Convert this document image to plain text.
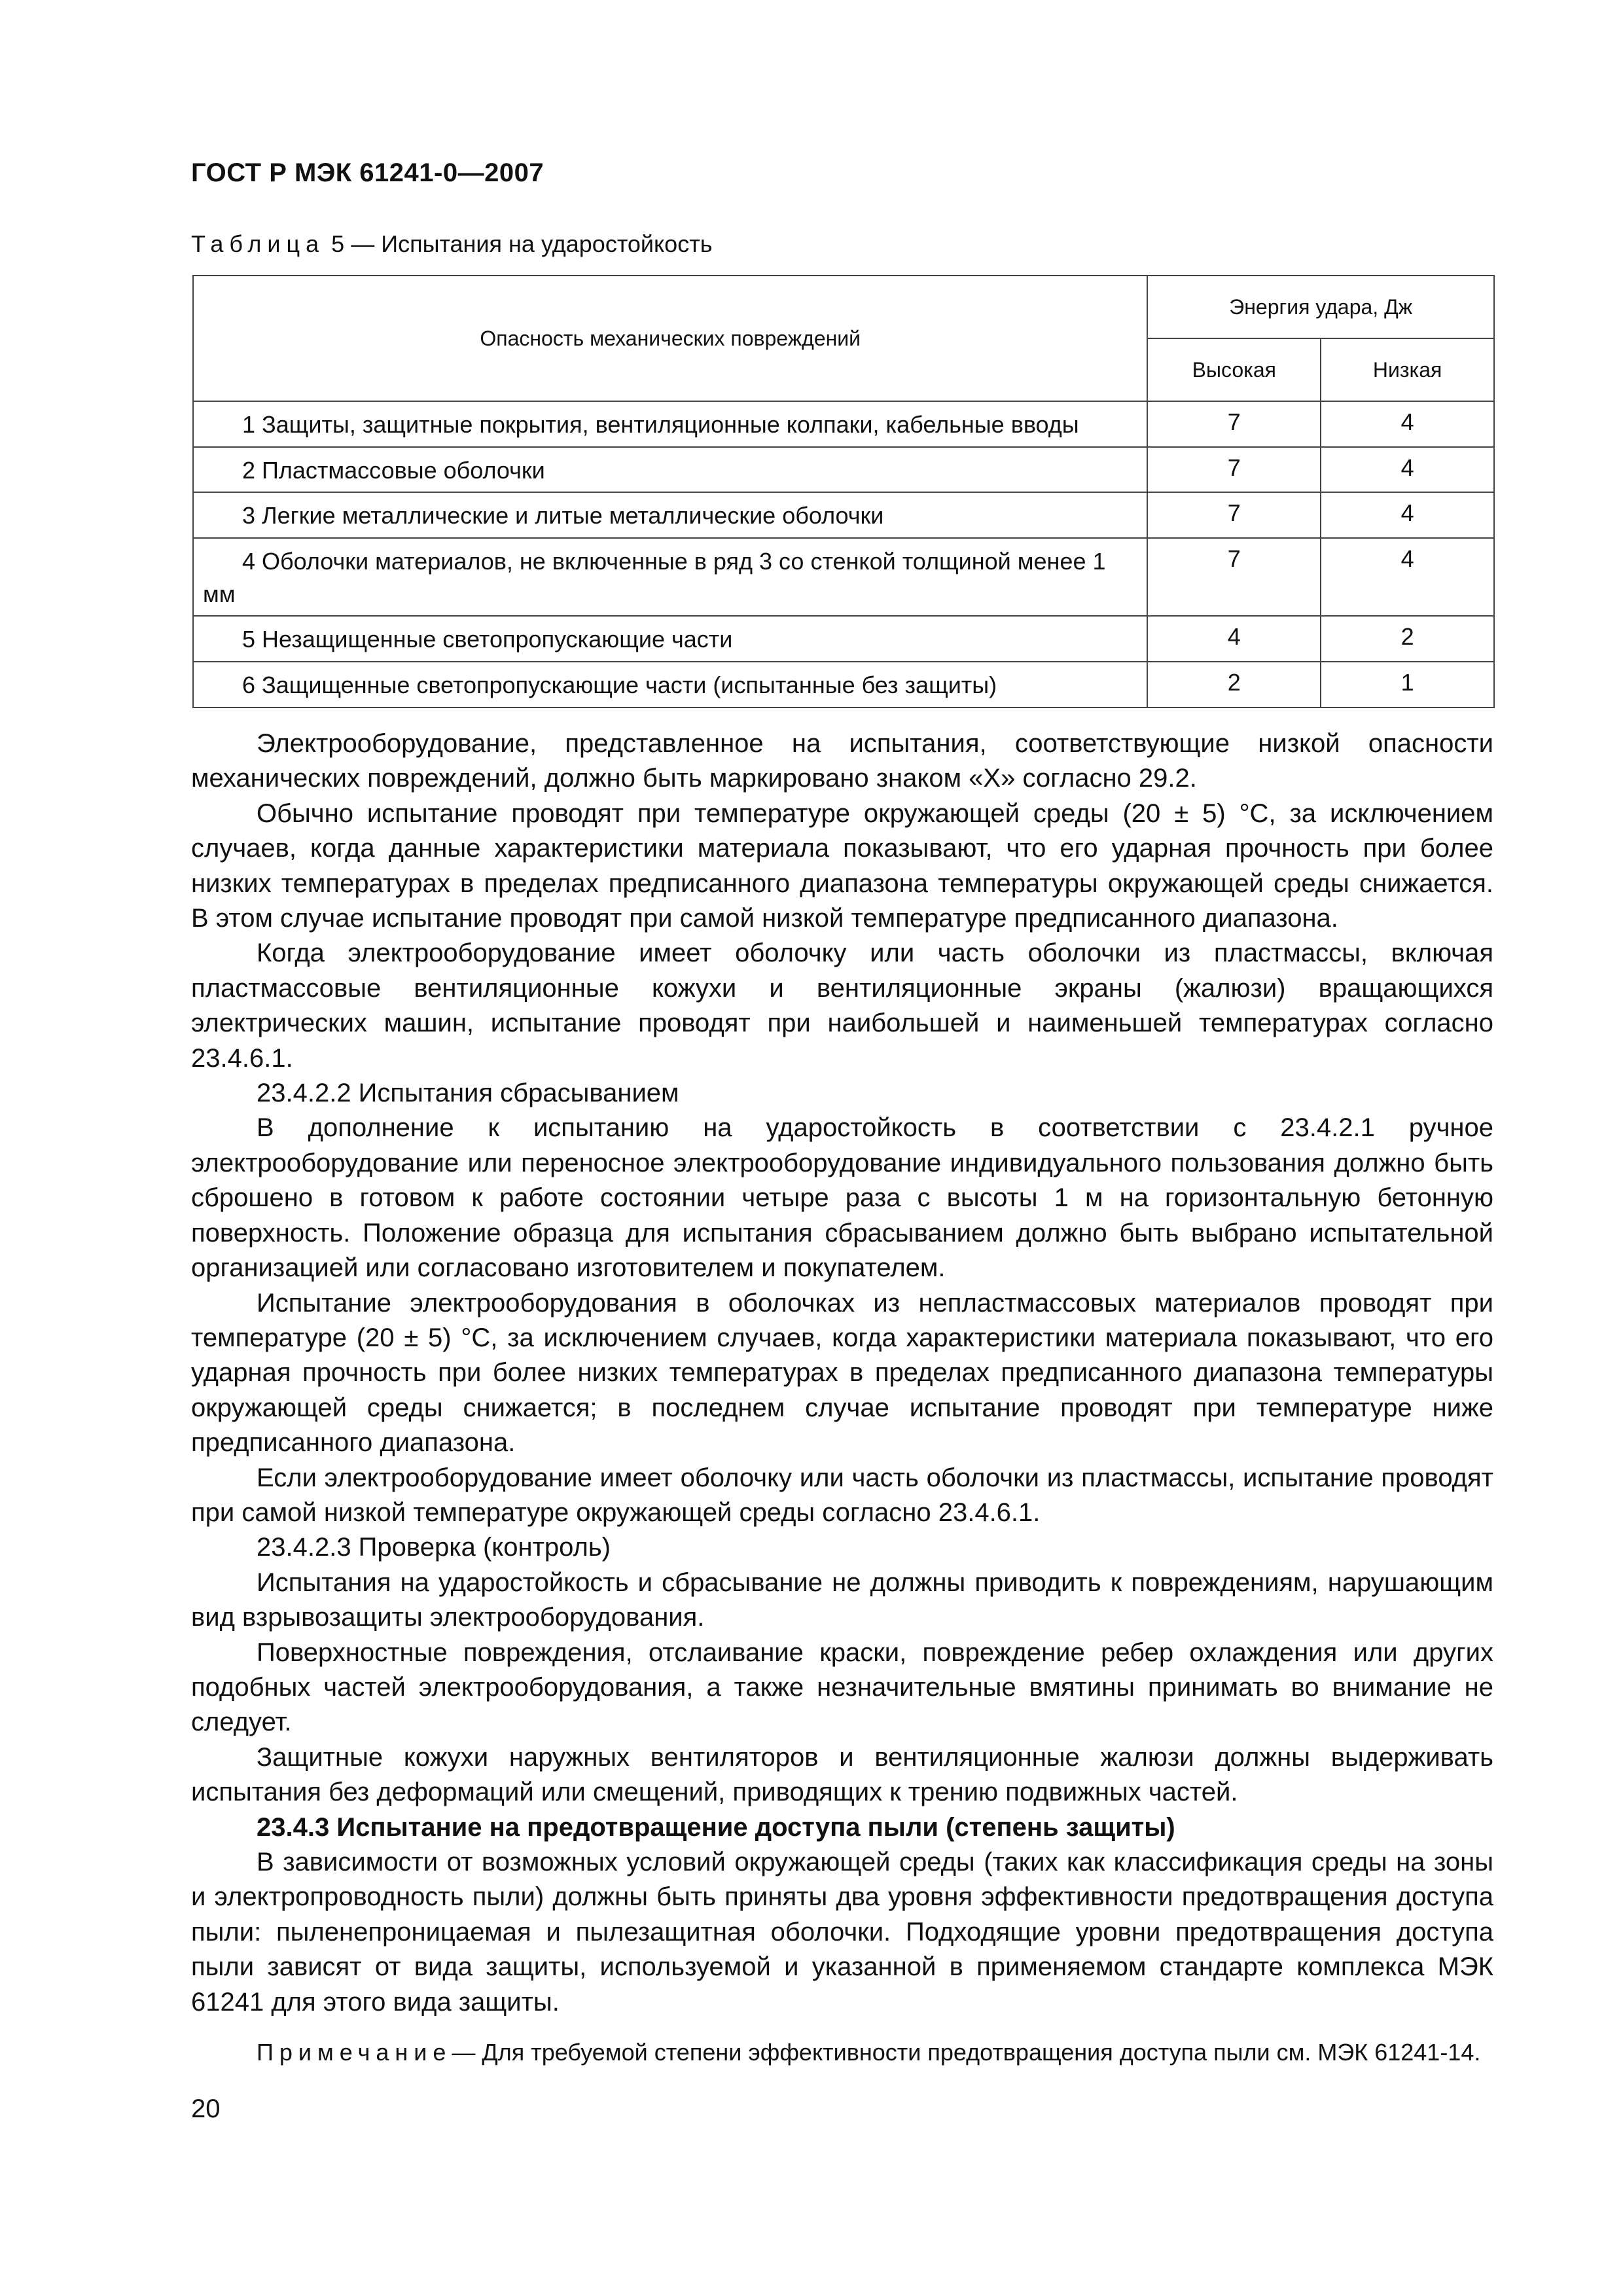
ГОСТ Р МЭК 61241-0—2007
Таблица 5 — Испытания на ударостойкость
Опасность механических повреждений	Энергия удара, Дж	
	Высокая	Низкая
1 Защиты, защитные покрытия, вентиляционные колпаки, кабельные вводы	7	4
2 Пластмассовые оболочки	7	4
3 Легкие металлические и литые металлические оболочки	7	4
4 Оболочки материалов, не включенные в ряд 3 со стенкой толщиной менее 1 мм	7	4
5 Незащищенные светопропускающие части	4	2
6 Защищенные светопропускающие части (испытанные без защиты)	2	1

Электрооборудование, представленное на испытания, соответствующие низкой опасности механических повреждений, должно быть маркировано знаком «Х» согласно 29.2.

Обычно испытание проводят при температуре окружающей среды (20 ± 5) °С, за исключением случаев, когда данные характеристики материала показывают, что его ударная прочность при более низких температурах в пределах предписанного диапазона температуры окружающей среды снижается. В этом случае испытание проводят при самой низкой температуре предписанного диапазона.

Когда электрооборудование имеет оболочку или часть оболочки из пластмассы, включая пластмассовые вентиляционные кожухи и вентиляционные экраны (жалюзи) вращающихся электрических машин, испытание проводят при наибольшей и наименьшей температурах согласно 23.4.6.1.

23.4.2.2 Испытания сбрасыванием

В дополнение к испытанию на ударостойкость в соответствии с 23.4.2.1 ручное электрооборудование или переносное электрооборудование индивидуального пользования должно быть сброшено в готовом к работе состоянии четыре раза с высоты 1 м на горизонтальную бетонную поверхность. Положение образца для испытания сбрасыванием должно быть выбрано испытательной организацией или согласовано изготовителем и покупателем.

Испытание электрооборудования в оболочках из непластмассовых материалов проводят при температуре (20 ± 5) °С, за исключением случаев, когда характеристики материала показывают, что его ударная прочность при более низких температурах в пределах предписанного диапазона температуры окружающей среды снижается; в последнем случае испытание проводят при температуре ниже предписанного диапазона.

Если электрооборудование имеет оболочку или часть оболочки из пластмассы, испытание проводят при самой низкой температуре окружающей среды согласно 23.4.6.1.

23.4.2.3 Проверка (контроль)

Испытания на ударостойкость и сбрасывание не должны приводить к повреждениям, нарушающим вид взрывозащиты электрооборудования.

Поверхностные повреждения, отслаивание краски, повреждение ребер охлаждения или других подобных частей электрооборудования, а также незначительные вмятины принимать во внимание не следует.

Защитные кожухи наружных вентиляторов и вентиляционные жалюзи должны выдерживать испытания без деформаций или смещений, приводящих к трению подвижных частей.

23.4.3 Испытание на предотвращение доступа пыли (степень защиты)

В зависимости от возможных условий окружающей среды (таких как классификация среды на зоны и электропроводность пыли) должны быть приняты два уровня эффективности предотвращения доступа пыли: пыленепроницаемая и пылезащитная оболочки. Подходящие уровни предотвращения доступа пыли зависят от вида защиты, используемой и указанной в применяемом стандарте комплекса МЭК 61241 для этого вида защиты.

Примечание— Для требуемой степени эффективности предотвращения доступа пыли см. МЭК 61241-14.

20
